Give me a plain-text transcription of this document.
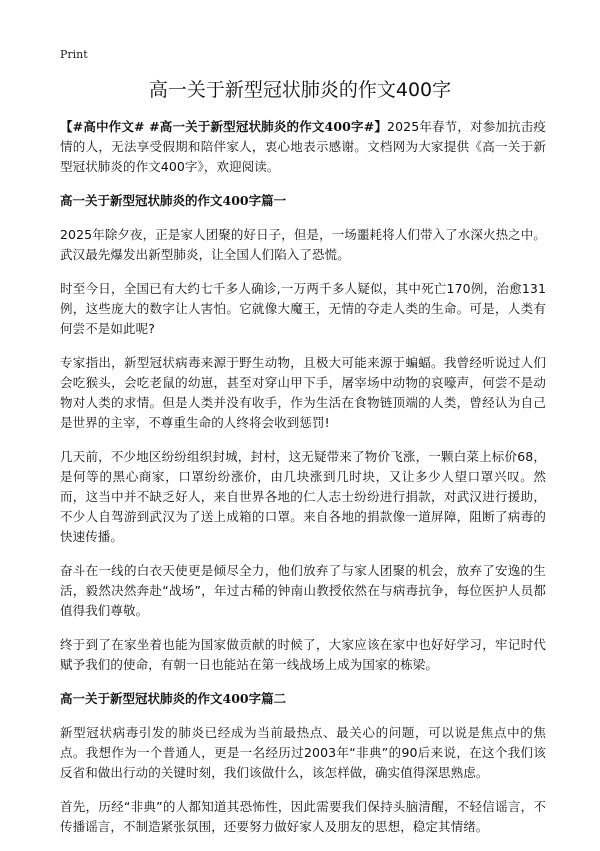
Print
高一关于新型冠状肺炎的作文400字

【#高中作文# #高一关于新型冠状肺炎的作文400字#】2025年春节，对参加抗击疫情的人，无法享受假期和陪伴家人，衷心地表示感谢。文档网为大家提供《高一关于新型冠状肺炎的作文400字》，欢迎阅读。

高一关于新型冠状肺炎的作文400字篇一

2025年除夕夜，正是家人团聚的好日子，但是，一场噩耗将人们带入了水深火热之中。武汉最先爆发出新型肺炎，让全国人们陷入了恐慌。

时至今日，全国已有大约七千多人确诊,一万两千多人疑似，其中死亡170例，治愈131例，这些庞大的数字让人害怕。它就像大魔王，无情的夺走人类的生命。可是，人类有何尝不是如此呢?

专家指出，新型冠状病毒来源于野生动物，且极大可能来源于蝙蝠。我曾经听说过人们会吃猴头，会吃老鼠的幼崽，甚至对穿山甲下手，屠宰场中动物的哀嚎声，何尝不是动物对人类的求情。但是人类并没有收手，作为生活在食物链顶端的人类，曾经认为自己是世界的主宰，不尊重生命的人终将会收到惩罚!

几天前，不少地区纷纷组织封城，封村，这无疑带来了物价飞涨，一颗白菜上标价68，是何等的黑心商家，口罩纷纷涨价，由几块涨到几时块，又让多少人望口罩兴叹。然而，这当中并不缺乏好人，来自世界各地的仁人志士纷纷进行捐款，对武汉进行援助，不少人自驾游到武汉为了送上成箱的口罩。来自各地的捐款像一道屏障，阻断了病毒的快速传播。

奋斗在一线的白衣天使更是倾尽全力，他们放弃了与家人团聚的机会，放弃了安逸的生活，毅然决然奔赴“战场”，年过古稀的钟南山教授依然在与病毒抗争，每位医护人员都值得我们尊敬。

终于到了在家坐着也能为国家做贡献的时候了，大家应该在家中也好好学习，牢记时代赋予我们的使命，有朝一日也能站在第一线战场上成为国家的栋梁。

高一关于新型冠状肺炎的作文400字篇二

新型冠状病毒引发的肺炎已经成为当前最热点、最关心的问题，可以说是焦点中的焦点。我想作为一个普通人，更是一名经历过2003年“非典”的90后来说，在这个我们该反省和做出行动的关键时刻，我们该做什么，该怎样做，确实值得深思熟虑。

首先，历经“非典”的人都知道其恐怖性，因此需要我们保持头脑清醒，不轻信谣言，不传播谣言，不制造紧张氛围，还要努力做好家人及朋友的思想，稳定其情绪。
